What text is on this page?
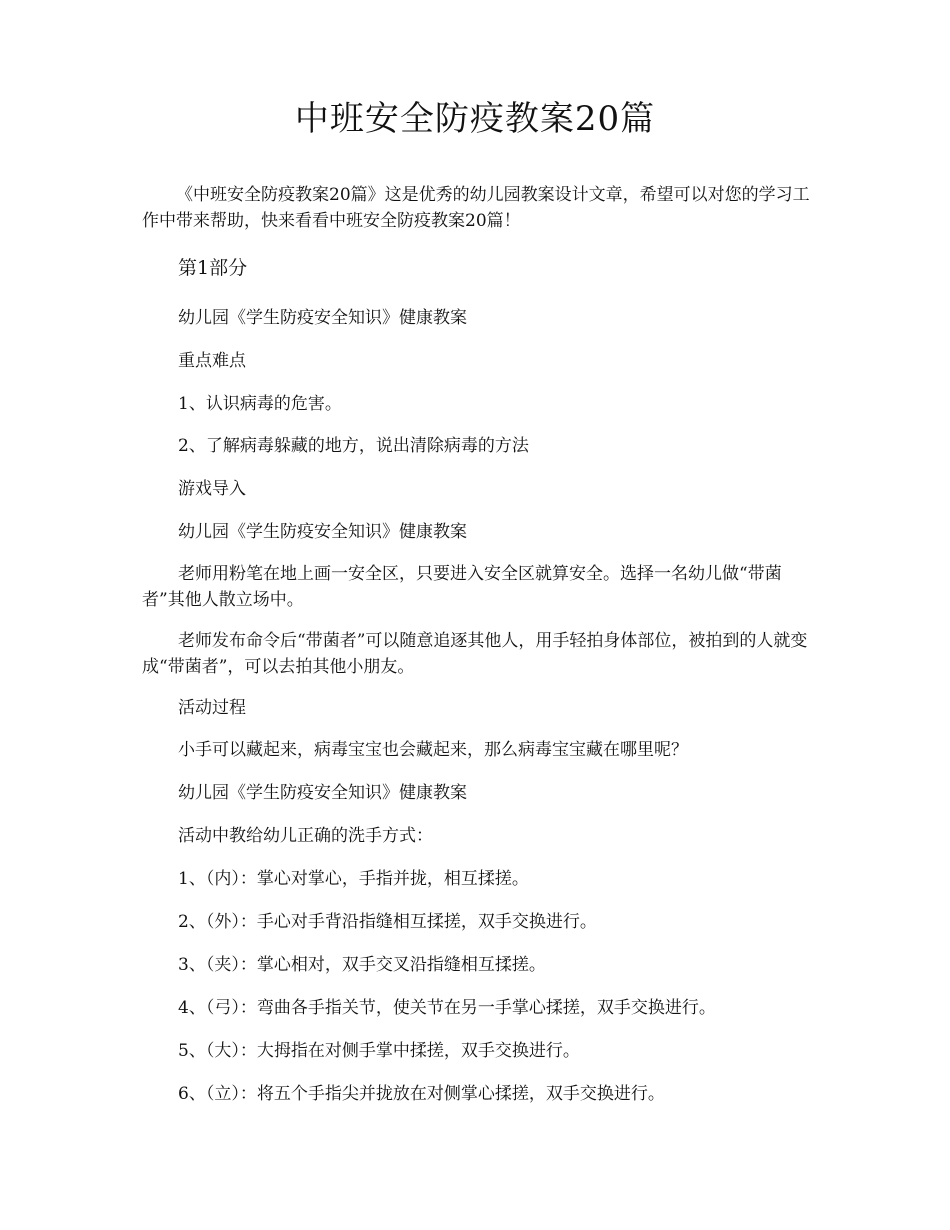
中班安全防疫教案20篇

《中班安全防疫教案20篇》这是优秀的幼儿园教案设计文章，希望可以对您的学习工作中带来帮助，快来看看中班安全防疫教案20篇！

第1部分

幼儿园《学生防疫安全知识》健康教案

重点难点

1、认识病毒的危害。

2、了解病毒躲藏的地方，说出清除病毒的方法

游戏导入

幼儿园《学生防疫安全知识》健康教案

老师用粉笔在地上画一安全区，只要进入安全区就算安全。选择一名幼儿做“带菌者”其他人散立场中。

老师发布命令后“带菌者”可以随意追逐其他人，用手轻拍身体部位，被拍到的人就变成“带菌者”，可以去拍其他小朋友。

活动过程

小手可以藏起来，病毒宝宝也会藏起来，那么病毒宝宝藏在哪里呢？

幼儿园《学生防疫安全知识》健康教案

活动中教给幼儿正确的洗手方式：

1、（内）：掌心对掌心，手指并拢，相互揉搓。

2、（外）：手心对手背沿指缝相互揉搓，双手交换进行。

3、（夹）：掌心相对，双手交叉沿指缝相互揉搓。

4、（弓）：弯曲各手指关节，使关节在另一手掌心揉搓，双手交换进行。

5、（大）：大拇指在对侧手掌中揉搓，双手交换进行。

6、（立）：将五个手指尖并拢放在对侧掌心揉搓，双手交换进行。
